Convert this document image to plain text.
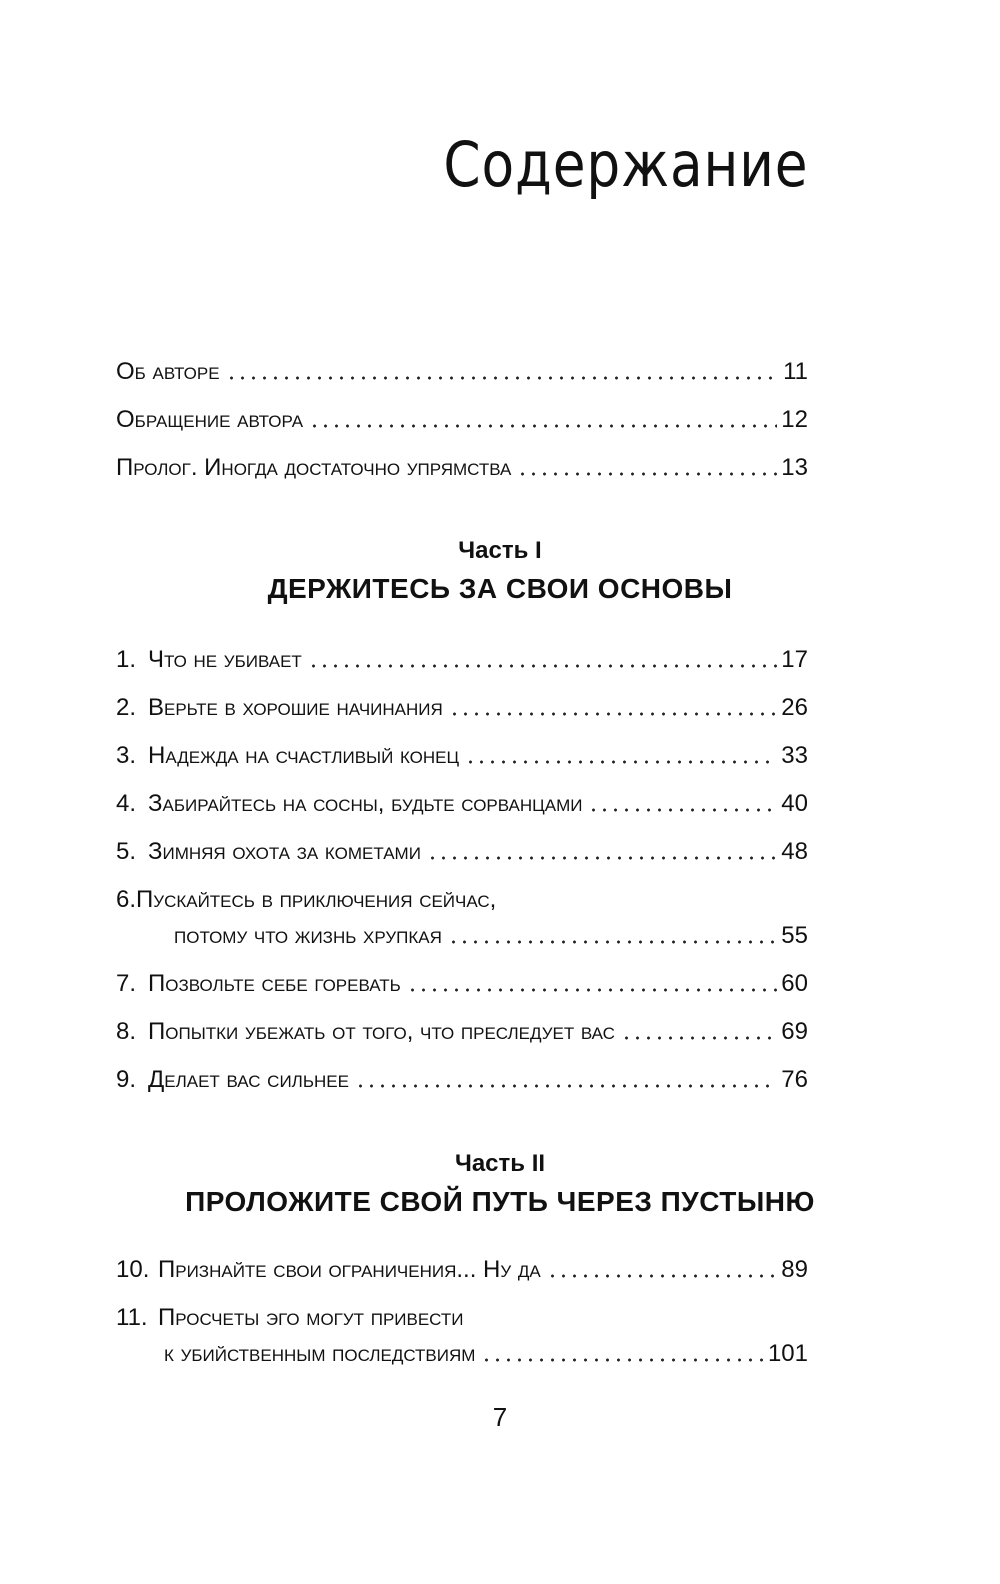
Содержание
Об авторе	11
Обращение автора	12
Пролог. Иногда достаточно упрямства	13
Часть I
ДЕРЖИТЕСЬ ЗА СВОИ ОСНОВЫ
1. Что не убивает	17
2. Верьте в хорошие начинания	26
3. Надежда на счастливый конец	33
4. Забирайтесь на сосны, будьте сорванцами	40
5. Зимняя охота за кометами	48
6. Пускайтесь в приключения сейчас,
потому что жизнь хрупкая	55
7. Позвольте себе горевать	60
8. Попытки убежать от того, что преследует вас	69
9. Делает вас сильнее	76
Часть II
ПРОЛОЖИТЕ СВОЙ ПУТЬ ЧЕРЕЗ ПУСТЫНЮ
10. Признайте свои ограничения... Ну да	89
11. Просчеты эго могут привести
к убийственным последствиям	101
7
